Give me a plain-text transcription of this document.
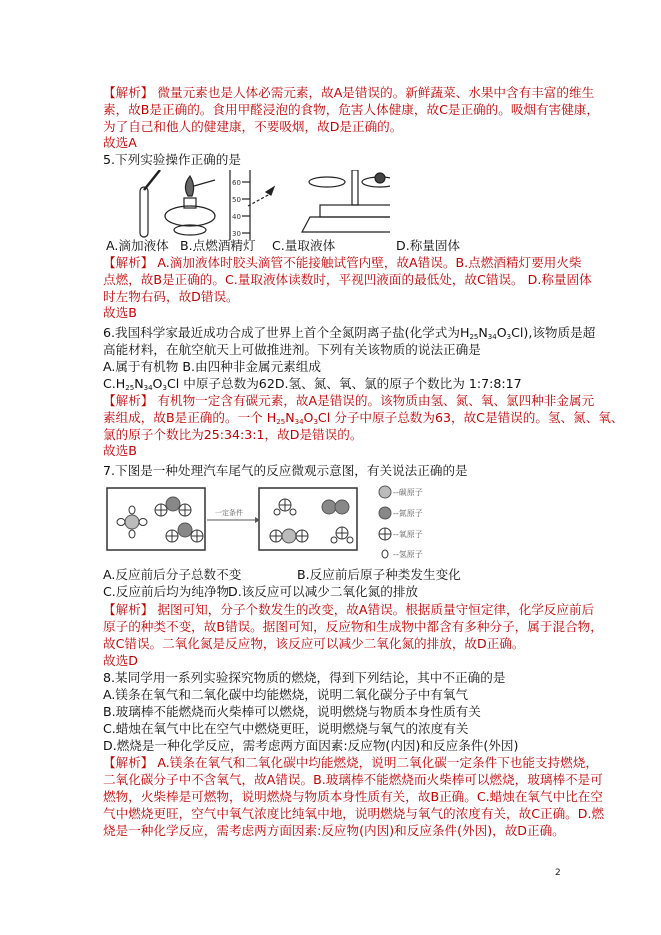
【解析】 微量元素也是人体必需元素，故A是错误的。新鲜蔬菜、水果中含有丰富的维生
素，故B是正确的。食用甲醛浸泡的食物，危害人体健康，故C是正确的。吸烟有害健康，
为了自己和他人的健建康，不要吸烟，故D是正确的。
故选A
5.下列实验操作正确的是
60
50
40
30
A.滴加液体 B.点燃酒精灯 C.量取液体	D.称量固体
【解析】 A.滴加液体时胶头滴管不能接触试管内壁，故A错误。B.点燃酒精灯要用火柴
点燃，故B是正确的。C.量取液体读数时，平视凹液面的最低处，故C错误。 D.称量固体
时左物右码，故D错误。
故选B
6.我国科学家最近成功合成了世界上首个全氮阴离子盐(化学式为$H_{25}N_{34}O_3Cl$),该物质是超
高能材料，在航空航天上可做推进剂。下列有关该物质的说法正确是
A.属于有机物 B.由四种非金属元素组成
$C.H_{25}N_{34}O_3Cl$ 中原子总数为62D.氢、氮、氧、氯的原子个数比为 1:7:8:17
【解析】 有机物一定含有碳元素，故A是错误的。该物质由氢、氮、氧、氯四种非金属元
素组成，故B是正确的。一个 $H_{25}N_{34}O_3Cl$ 分子中原子总数为63，故C是错误的。氢、氮、氧、
氯的原子个数比为25:34:3:1，故D是错误的。
故选B
7.下图是一种处理汽车尾气的反应微观示意图，有关说法正确的是
一定条件
--碳原子
--氮原子
--氧原子
--氢原子
A.反应前后分子总数不变	B.反应前后原子种类发生变化
C.反应前后均为纯净物
D.该反应可以减少二氧化氮的排放
【解析】 据图可知，分子个数发生的改变，故A错误。根据质量守恒定律，化学反应前后
原子的种类不变，故B错误。据图可知，反应物和生成物中都含有多种分子，属于混合物，
故C错误。二氧化氮是反应物，该反应可以减少二氧化氮的排放，故D正确。
故选D
8.某同学用一系列实验探究物质的燃烧，得到下列结论，其中不正确的是
A.镁条在氧气和二氧化碳中均能燃烧，说明二氧化碳分子中有氧气
B.玻璃棒不能燃烧而火柴棒可以燃烧，说明燃烧与物质本身性质有关
C.蜡烛在氧气中比在空气中燃烧更旺，说明燃烧与氧气的浓度有关
D.燃烧是一种化学反应，需考虑两方面因素:反应物(内因)和反应条件(外因)
【解析】 A.镁条在氧气和二氧化碳中均能燃烧，说明二氧化碳一定条件下也能支持燃烧，
二氧化碳分子中不含氧气，故A错误。B.玻璃棒不能燃烧而火柴棒可以燃烧，玻璃棒不是可
燃物，火柴棒是可燃物，说明燃烧与物质本身性质有关，故B正确。C.蜡烛在氧气中比在空
气中燃烧更旺，空气中氧气浓度比纯氧中地，说明燃烧与氧气的浓度有关，故C正确。D.燃
烧是一种化学反应，需考虑两方面因素:反应物(内因)和反应条件(外因)，故D正确。
2
